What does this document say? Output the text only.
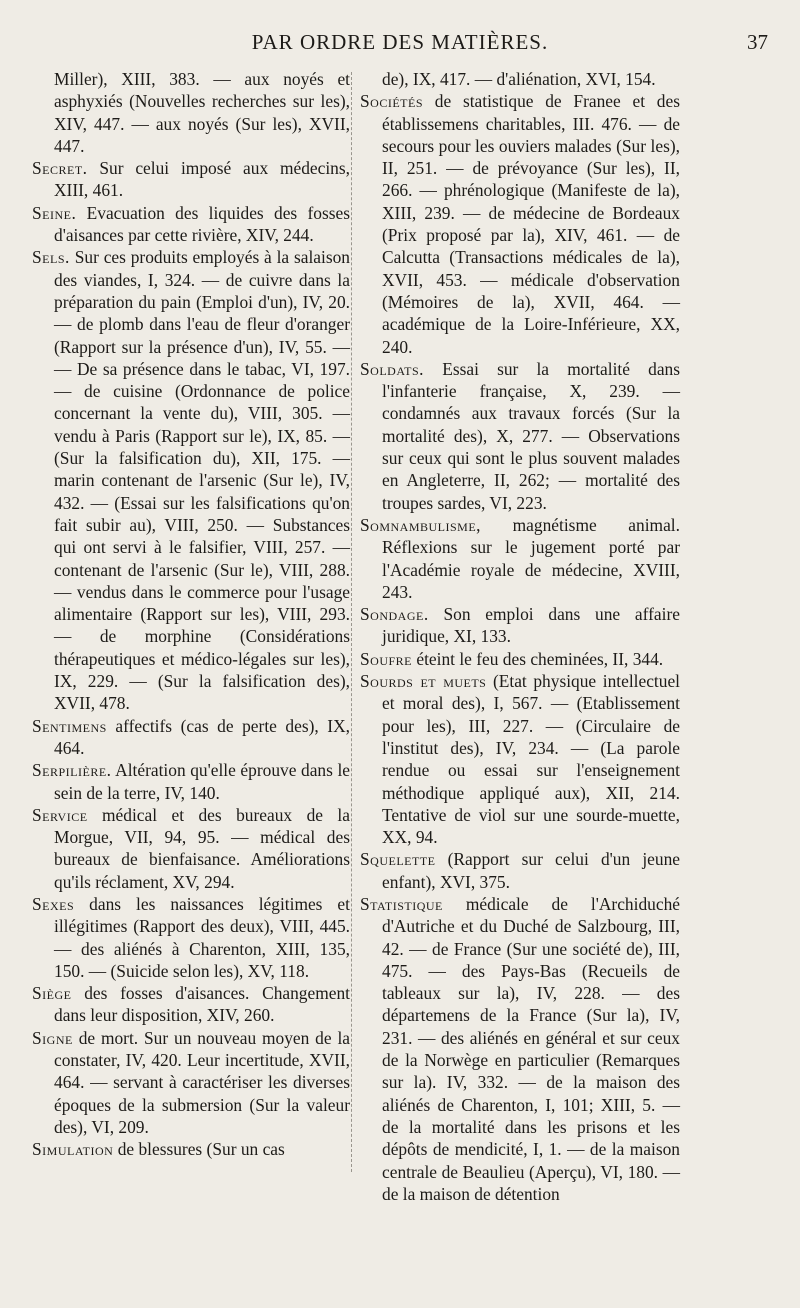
PAR ORDRE DES MATIÈRES.	37
Miller), XIII, 383. — aux noyés et asphyxiés (Nouvelles recherches sur les), XIV, 447. — aux noyés (Sur les), XVII, 447.
Secret. Sur celui imposé aux médecins, XIII, 461.
Seine. Evacuation des liquides des fosses d'aisances par cette rivière, XIV, 244.
Sels. Sur ces produits employés à la salaison des viandes, I, 324. — de cuivre dans la préparation du pain (Emploi d'un), IV, 20. — de plomb dans l'eau de fleur d'oranger (Rapport sur la présence d'un), IV, 55. — — De sa présence dans le tabac, VI, 197. — de cuisine (Ordonnance de police concernant la vente du), VIII, 305. — vendu à Paris (Rapport sur le), IX, 85. — (Sur la falsification du), XII, 175. — marin contenant de l'arsenic (Sur le), IV, 432. — (Essai sur les falsifications qu'on fait subir au), VIII, 250. — Substances qui ont servi à le falsifier, VIII, 257. — contenant de l'arsenic (Sur le), VIII, 288. — vendus dans le commerce pour l'usage alimentaire (Rapport sur les), VIII, 293. — de morphine (Considérations thérapeutiques et médico-légales sur les), IX, 229. — (Sur la falsification des), XVII, 478.
Sentimens affectifs (cas de perte des), IX, 464.
Serpilière. Altération qu'elle éprouve dans le sein de la terre, IV, 140.
Service médical et des bureaux de la Morgue, VII, 94, 95. — médical des bureaux de bienfaisance. Améliorations qu'ils réclament, XV, 294.
Sexes dans les naissances légitimes et illégitimes (Rapport des deux), VIII, 445. — des aliénés à Charenton, XIII, 135, 150. — (Suicide selon les), XV, 118.
Siège des fosses d'aisances. Changement dans leur disposition, XIV, 260.
Signe de mort. Sur un nouveau moyen de la constater, IV, 420. Leur incertitude, XVII, 464. — servant à caractériser les diverses époques de la submersion (Sur la valeur des), VI, 209.
Simulation de blessures (Sur un cas
de), IX, 417. — d'aliénation, XVI, 154.
Sociétés de statistique de Franee et des établissemens charitables, III. 476. — de secours pour les ouviers malades (Sur les), II, 251. — de prévoyance (Sur les), II, 266. — phrénologique (Manifeste de la), XIII, 239. — de médecine de Bordeaux (Prix proposé par la), XIV, 461. — de Calcutta (Transactions médicales de la), XVII, 453. — médicale d'observation (Mémoires de la), XVII, 464. — académique de la Loire-Inférieure, XX, 240.
Soldats. Essai sur la mortalité dans l'infanterie française, X, 239. — condamnés aux travaux forcés (Sur la mortalité des), X, 277. — Observations sur ceux qui sont le plus souvent malades en Angleterre, II, 262; — mortalité des troupes sardes, VI, 223.
Somnambulisme, magnétisme animal. Réflexions sur le jugement porté par l'Académie royale de médecine, XVIII, 243.
Sondage. Son emploi dans une affaire juridique, XI, 133.
Soufre éteint le feu des cheminées, II, 344.
Sourds et muets (Etat physique intellectuel et moral des), I, 567. — (Etablissement pour les), III, 227. — (Circulaire de l'institut des), IV, 234. — (La parole rendue ou essai sur l'enseignement méthodique appliqué aux), XII, 214. Tentative de viol sur une sourde-muette, XX, 94.
Squelette (Rapport sur celui d'un jeune enfant), XVI, 375.
Statistique médicale de l'Archiduché d'Autriche et du Duché de Salzbourg, III, 42. — de France (Sur une société de), III, 475. — des Pays-Bas (Recueils de tableaux sur la), IV, 228. — des départemens de la France (Sur la), IV, 231. — des aliénés en général et sur ceux de la Norwège en particulier (Remarques sur la). IV, 332. — de la maison des aliénés de Charenton, I, 101; XIII, 5. — de la mortalité dans les prisons et les dépôts de mendicité, I, 1. — de la maison centrale de Beaulieu (Aperçu), VI, 180. — de la maison de détention
